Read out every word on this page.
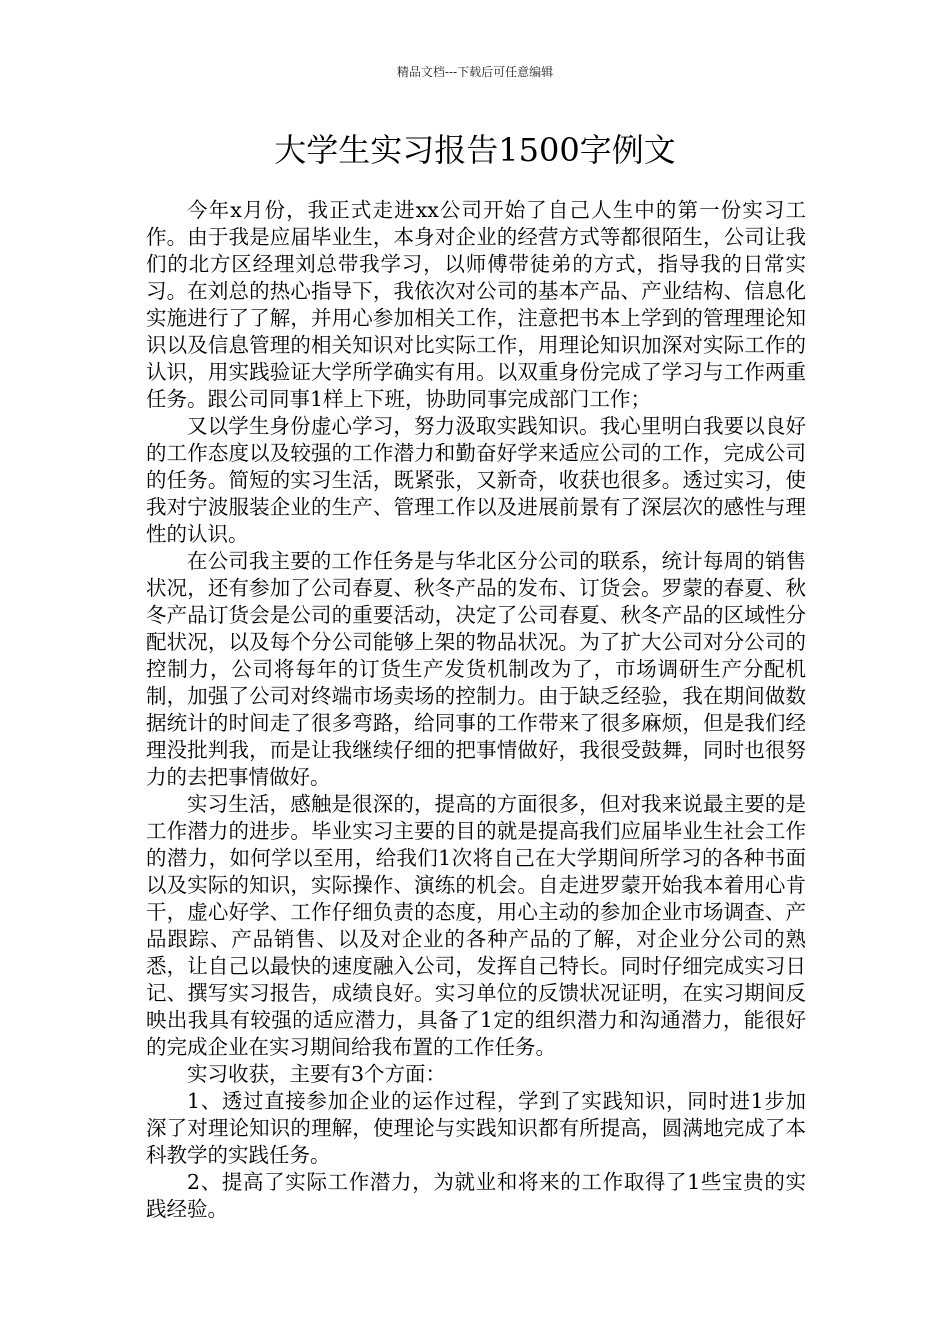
精品文档---下载后可任意编辑
大学生实习报告1500字例文

今年x月份，我正式走进xx公司开始了自己人生中的第一份实习工作。由于我是应届毕业生，本身对企业的经营方式等都很陌生，公司让我们的北方区经理刘总带我学习，以师傅带徒弟的方式，指导我的日常实习。在刘总的热心指导下，我依次对公司的基本产品、产业结构、信息化实施进行了了解，并用心参加相关工作，注意把书本上学到的管理理论知识以及信息管理的相关知识对比实际工作，用理论知识加深对实际工作的认识，用实践验证大学所学确实有用。以双重身份完成了学习与工作两重任务。跟公司同事1样上下班，协助同事完成部门工作；

又以学生身份虚心学习，努力汲取实践知识。我心里明白我要以良好的工作态度以及较强的工作潜力和勤奋好学来适应公司的工作，完成公司的任务。简短的实习生活，既紧张，又新奇，收获也很多。透过实习，使我对宁波服装企业的生产、管理工作以及进展前景有了深层次的感性与理性的认识。

在公司我主要的工作任务是与华北区分公司的联系，统计每周的销售状况，还有参加了公司春夏、秋冬产品的发布、订货会。罗蒙的春夏、秋冬产品订货会是公司的重要活动，决定了公司春夏、秋冬产品的区域性分配状况，以及每个分公司能够上架的物品状况。为了扩大公司对分公司的控制力，公司将每年的订货生产发货机制改为了，市场调研生产分配机制，加强了公司对终端市场卖场的控制力。由于缺乏经验，我在期间做数据统计的时间走了很多弯路，给同事的工作带来了很多麻烦，但是我们经理没批判我，而是让我继续仔细的把事情做好，我很受鼓舞，同时也很努力的去把事情做好。

实习生活，感触是很深的，提高的方面很多，但对我来说最主要的是工作潜力的进步。毕业实习主要的目的就是提高我们应届毕业生社会工作的潜力，如何学以至用，给我们1次将自己在大学期间所学习的各种书面以及实际的知识，实际操作、演练的机会。自走进罗蒙开始我本着用心肯干，虚心好学、工作仔细负责的态度，用心主动的参加企业市场调查、产品跟踪、产品销售、以及对企业的各种产品的了解，对企业分公司的熟悉，让自己以最快的速度融入公司，发挥自己特长。同时仔细完成实习日记、撰写实习报告，成绩良好。实习单位的反馈状况证明，在实习期间反映出我具有较强的适应潜力，具备了1定的组织潜力和沟通潜力，能很好的完成企业在实习期间给我布置的工作任务。

实习收获，主要有3个方面：

1、透过直接参加企业的运作过程，学到了实践知识，同时进1步加深了对理论知识的理解，使理论与实践知识都有所提高，圆满地完成了本科教学的实践任务。

2、提高了实际工作潜力，为就业和将来的工作取得了1些宝贵的实践经验。
